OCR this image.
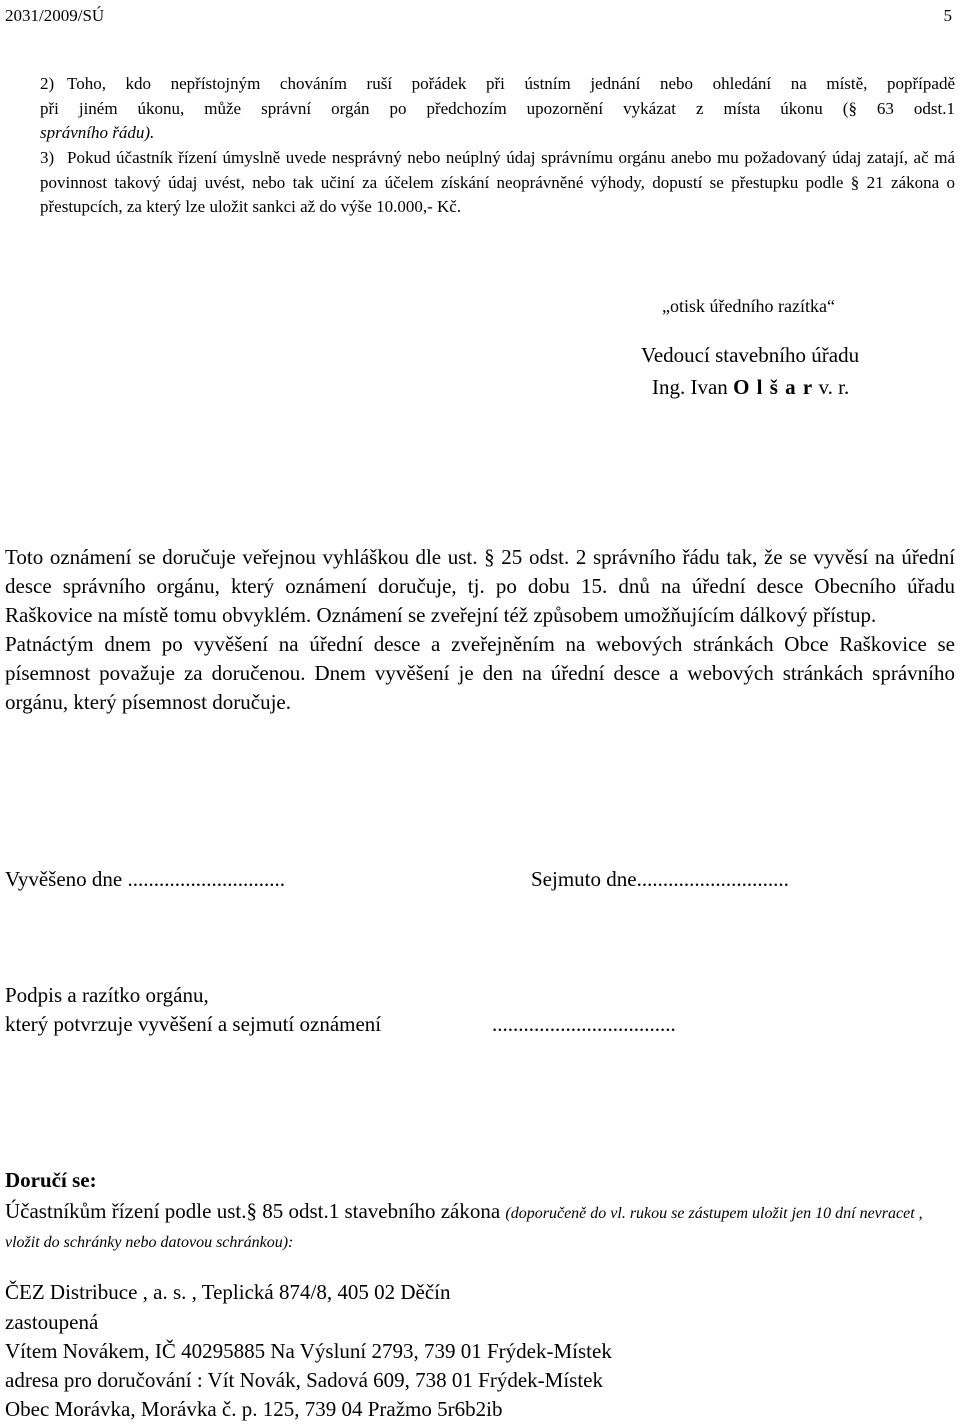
2031/2009/SÚ	5
2) Toho, kdo nepřístojným chováním ruší pořádek při ústním jednání nebo ohledání na místě, popřípadě
při jiném úkonu, může správní orgán po předchozím upozornění vykázat z místa úkonu (§ 63 odst.1
správního řádu).
3) Pokud účastník řízení úmyslně uvede nesprávný nebo neúplný údaj správnímu orgánu anebo mu požadovaný údaj zatají, ač má povinnost takový údaj uvést, nebo tak učiní za účelem získání neoprávněné výhody, dopustí se přestupku podle § 21 zákona o přestupcích, za který lze uložit sankci až do výše 10.000,- Kč.
„otisk úředního razítka“
Vedoucí stavebního úřadu
Ing. Ivan O l š a r v. r.

Toto oznámení se doručuje veřejnou vyhláškou dle ust. § 25 odst. 2 správního řádu tak, že se vyvěsí na úřední desce správního orgánu, který oznámení doručuje, tj. po dobu 15. dnů na úřední desce Obecního úřadu Raškovice na místě tomu obvyklém. Oznámení se zveřejní též způsobem umožňujícím dálkový přístup.

Patnáctým dnem po vyvěšení na úřední desce a zveřejněním na webových stránkách Obce Raškovice se písemnost považuje za doručenou. Dnem vyvěšení je den na úřední desce a webových stránkách správního orgánu, který písemnost doručuje.

Vyvěšeno dne ..............................	Sejmuto dne.............................
Podpis a razítko orgánu,
který potvrzuje vyvěšení a sejmutí oznámení	...................................
Doručí se:
Účastníkům řízení podle ust.§ 85 odst.1 stavebního zákona (doporučeně do vl. rukou se zástupem uložit jen 10 dní nevracet , vložit do schránky nebo datovou schránkou):
ČEZ Distribuce , a. s. , Teplická 874/8, 405 02 Děčín
zastoupená
Vítem Novákem, IČ 40295885 Na Výsluní 2793, 739 01 Frýdek-Místek
adresa pro doručování : Vít Novák, Sadová 609, 738 01 Frýdek-Místek
Obec Morávka, Morávka č. p. 125, 739 04 Pražmo 5r6b2ib
